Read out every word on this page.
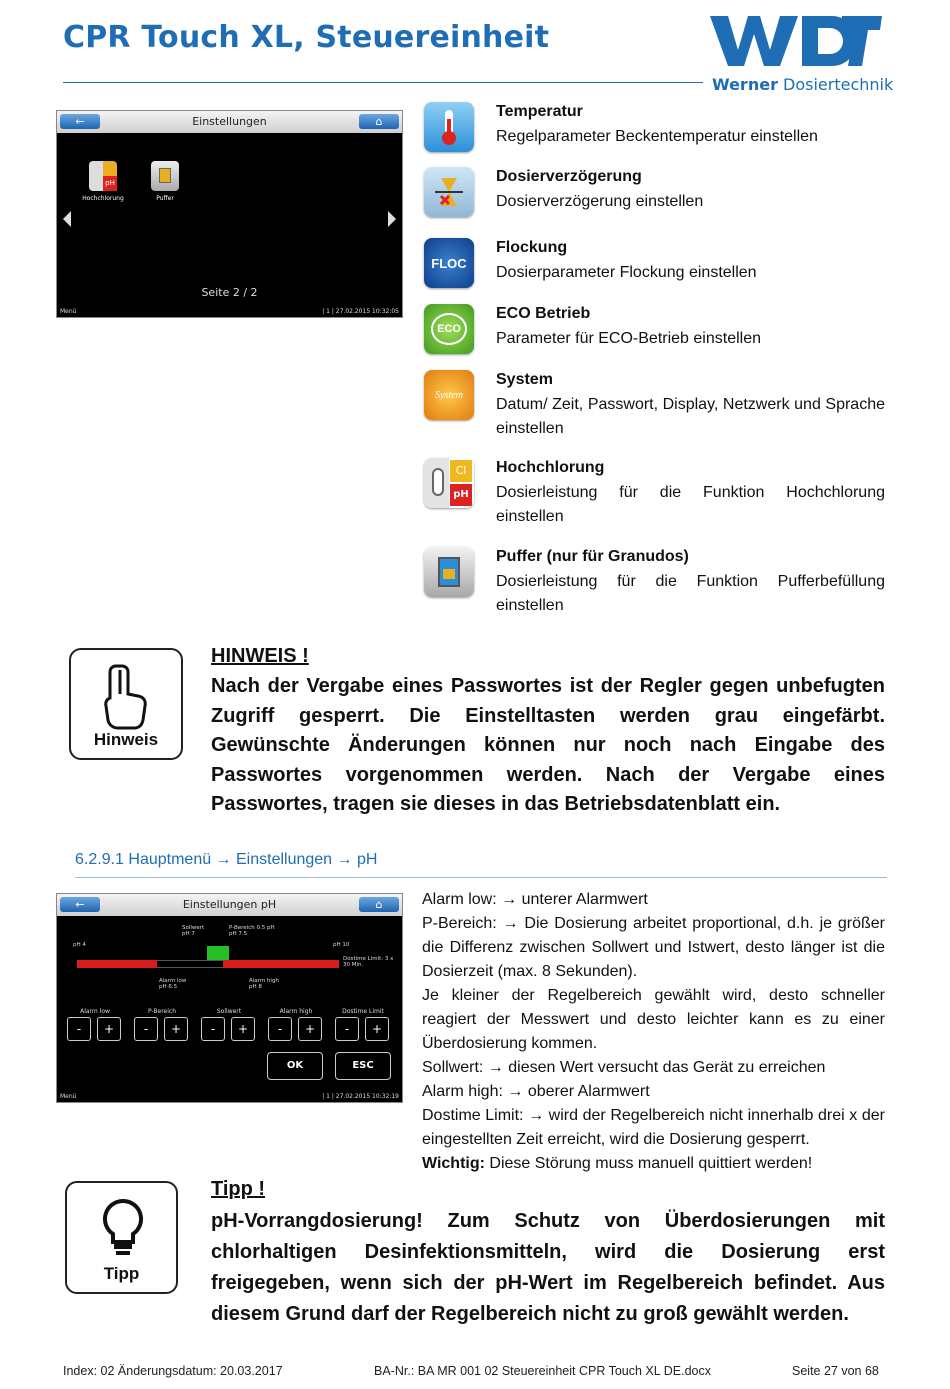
CPR Touch XL, Steuereinheit
Werner Dosiertechnik
←	Einstellungen	⌂
pH
Hochchlorung	Puffer
Seite 2 / 2
Menü	| 1 | 27.02.2015 10:32:05
Temperatur
Regelparameter Beckentemperatur einstellen
Dosierverzögerung
Dosierverzögerung einstellen
FLOC
Flockung
Dosierparameter Flockung einstellen
ECO
ECO Betrieb
Parameter für ECO-Betrieb einstellen
System
System
Datum/ Zeit, Passwort, Display, Netzwerk und Sprache einstellen
Cl
pH
Hochchlorung
Dosierleistung für die Funktion Hochchlorung einstellen
Puffer (nur für Granudos)
Dosierleistung für die Funktion Pufferbefüllung einstellen
Hinweis
HINWEIS !
Nach der Vergabe eines Passwortes ist der Regler gegen unbefugten Zugriff gesperrt. Die Einstelltasten werden grau eingefärbt. Gewünschte Änderungen können nur noch nach Eingabe des Passwortes vorgenommen werden. Nach der Vergabe eines Passwortes, tragen sie dieses in das Betriebsdatenblatt ein.
6.2.9.1 Hauptmenü → Einstellungen → pH
←	Einstellungen pH	⌂
Sollwert pH 7
P-Bereich 0.5 pH pH 7.5
pH 4	pH 10
Dostime Limit: 3 x 30 Min.
Alarm low pH 6.5
Alarm high pH 8
Alarm low	P-Bereich	Sollwert	Alarm high	Dostime Limit
-	+	-	+	-	+	-	+	-	+
OK	ESC
Menü	| 1 | 27.02.2015 10:32:19
Alarm low: → unterer Alarmwert
P-Bereich: → Die Dosierung arbeitet proportional, d.h. je größer die Differenz zwischen Sollwert und Istwert, desto länger ist die Dosierzeit (max. 8 Sekunden).
Je kleiner der Regelbereich gewählt wird, desto schneller reagiert der Messwert und desto leichter kann es zu einer Überdosierung kommen.
Sollwert: → diesen Wert versucht das Gerät zu erreichen
Alarm high: → oberer Alarmwert
Dostime Limit: → wird der Regelbereich nicht innerhalb drei x der eingestellten Zeit erreicht, wird die Dosierung gesperrt.
Wichtig: Diese Störung muss manuell quittiert werden!
Tipp
Tipp !
pH-Vorrangdosierung! Zum Schutz von Überdosierungen mit chlorhaltigen Desinfektionsmitteln, wird die Dosierung erst freigegeben, wenn sich der pH-Wert im Regelbereich befindet. Aus diesem Grund darf der Regelbereich nicht zu groß gewählt werden.
Index: 02 Änderungsdatum: 20.03.2017	BA-Nr.: BA MR 001 02 Steuereinheit CPR Touch XL DE.docx	Seite 27 von 68
